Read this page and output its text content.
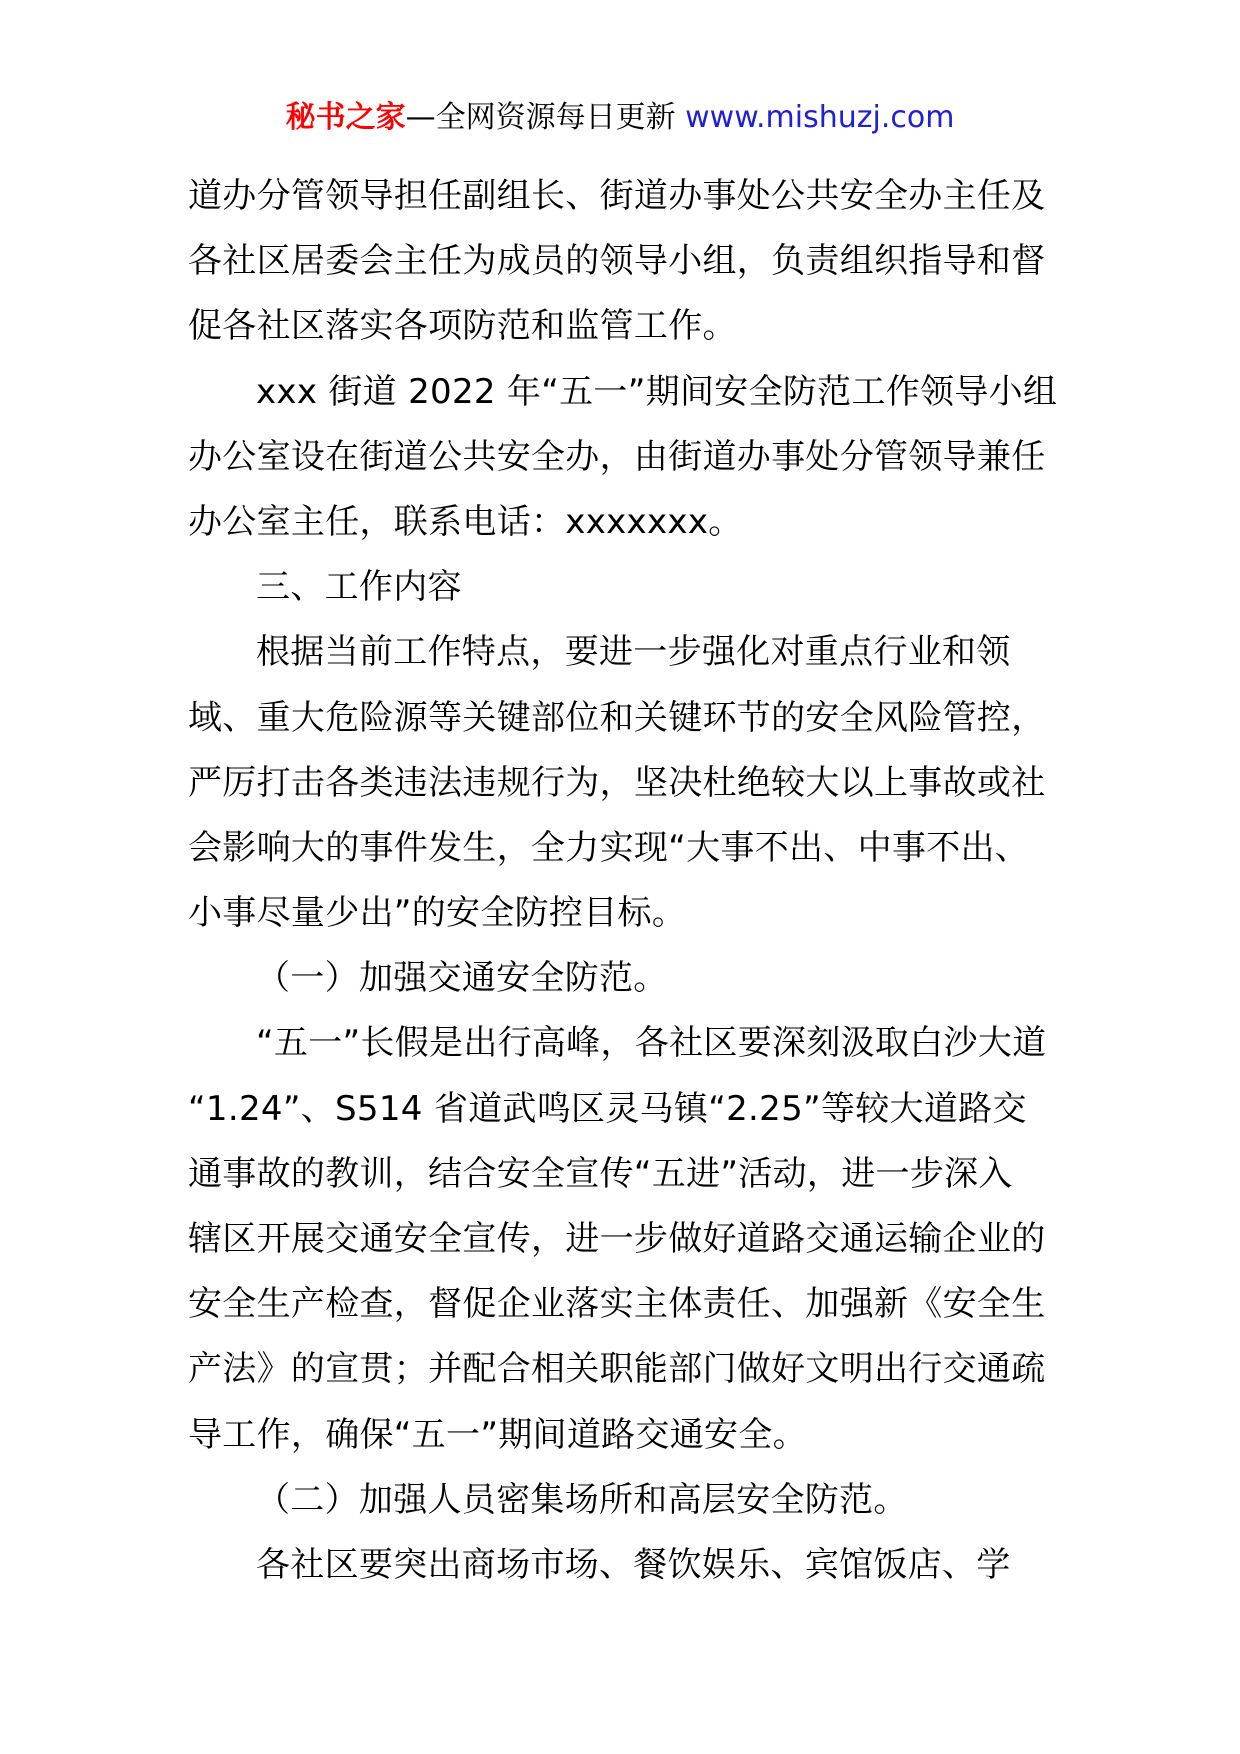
秘书之家—全网资源每日更新 www.mishuzj.com
道办分管领导担任副组长、街道办事处公共安全办主任及
各社区居委会主任为成员的领导小组，负责组织指导和督
促各社区落实各项防范和监管工作。
xxx 街道 2022 年“五一”期间安全防范工作领导小组
办公室设在街道公共安全办，由街道办事处分管领导兼任
办公室主任，联系电话：xxxxxxx。
三、工作内容
根据当前工作特点，要进一步强化对重点行业和领
域、重大危险源等关键部位和关键环节的安全风险管控，
严厉打击各类违法违规行为，坚决杜绝较大以上事故或社
会影响大的事件发生，全力实现“大事不出、中事不出、
小事尽量少出”的安全防控目标。
（一）加强交通安全防范。
“五一”长假是出行高峰，各社区要深刻汲取白沙大道
“1.24”、S514 省道武鸣区灵马镇“2.25”等较大道路交
通事故的教训，结合安全宣传“五进”活动，进一步深入
辖区开展交通安全宣传，进一步做好道路交通运输企业的
安全生产检查，督促企业落实主体责任、加强新《安全生
产法》的宣贯；并配合相关职能部门做好文明出行交通疏
导工作，确保“五一”期间道路交通安全。
（二）加强人员密集场所和高层安全防范。
各社区要突出商场市场、餐饮娱乐、宾馆饭店、学
